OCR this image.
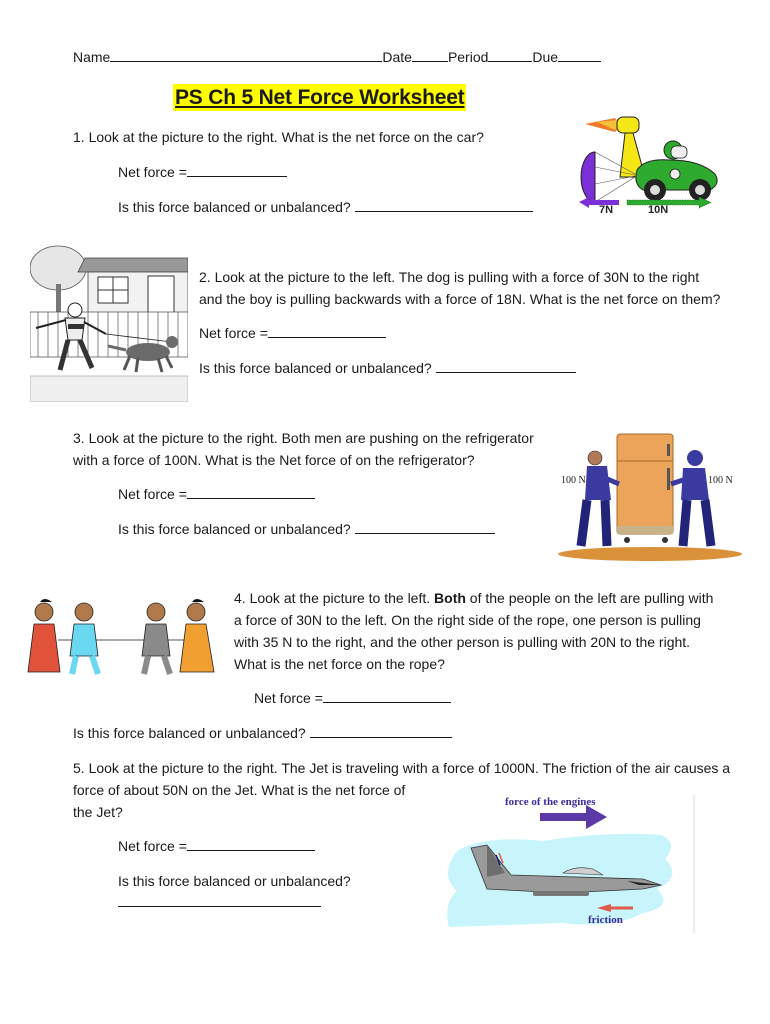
Name	Date	Period	Due
PS Ch 5 Net Force Worksheet
1. Look at the picture to the right. What is the net force on the car?
Net force =
Is this force balanced or unbalanced?	7N	10N
2. Look at the picture to the left. The dog is pulling with a force of 30N to the right
and the boy is pulling backwards with a force of 18N. What is the net force on them?
Net force =
Is this force balanced or unbalanced?
3. Look at the picture to the right. Both men are pushing on the refrigerator
with a force of 100N. What is the Net force of on the refrigerator?
Net force =
Is this force balanced or unbalanced?
100 N	100 N
4. Look at the picture to the left. Both of the people on the left are pulling with
a force of 30N to the left. On the right side of the rope, one person is pulling
with 35 N to the right, and the other person is pulling with 20N to the right.
What is the net force on the rope?
Net force =
Is this force balanced or unbalanced?
5. Look at the picture to the right. The Jet is traveling with a force of 1000N. The friction of the air causes a
force of about 50N on the Jet. What is the net force of
the Jet?
Net force =
Is this force balanced or unbalanced?
force of the engines
friction
